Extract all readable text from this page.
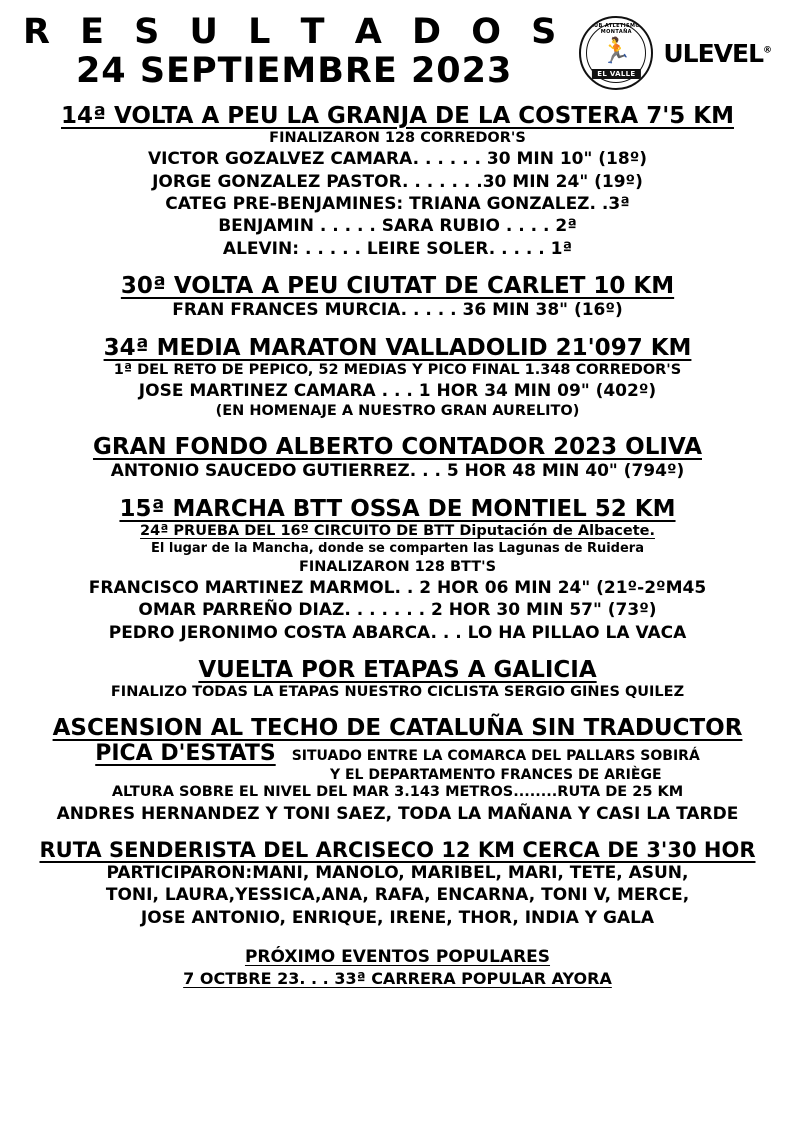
R E S U L T A D O S
24 SEPTIEMBRE 2023
CLUB ATLETISMO Y MONTAÑA
🏃
EL VALLE
ULEVEL®
14ª VOLTA A PEU LA GRANJA DE LA COSTERA 7'5 KM
FINALIZARON 128 CORREDOR'S
VICTOR GOZALVEZ CAMARA. . . . . . 30 MIN 10" (18º)
JORGE GONZALEZ PASTOR. . . . . . .30 MIN 24" (19º)
CATEG PRE-BENJAMINES: TRIANA GONZALEZ. .3ª
BENJAMIN . . . . . SARA RUBIO . . . . 2ª
ALEVIN: . . . . . LEIRE SOLER. . . . . 1ª
30ª VOLTA A PEU CIUTAT DE CARLET 10 KM
FRAN FRANCES MURCIA. . . . . 36 MIN 38" (16º)
34ª MEDIA MARATON VALLADOLID 21'097 KM
1ª DEL RETO DE PEPICO, 52 MEDIAS Y PICO FINAL 1.348 CORREDOR'S
JOSE MARTINEZ CAMARA . . . 1 HOR 34 MIN 09" (402º)
(EN HOMENAJE A NUESTRO GRAN AURELITO)
GRAN FONDO ALBERTO CONTADOR 2023 OLIVA
ANTONIO SAUCEDO GUTIERREZ. . . 5 HOR 48 MIN 40" (794º)
15ª MARCHA BTT OSSA DE MONTIEL 52 KM
24ª PRUEBA DEL 16º CIRCUITO DE BTT Diputación de Albacete.
El lugar de la Mancha, donde se comparten las Lagunas de Ruidera
FINALIZARON 128 BTT'S
FRANCISCO MARTINEZ MARMOL. . 2 HOR 06 MIN 24" (21º-2ºM45
OMAR PARREÑO DIAZ. . . . . . . 2 HOR 30 MIN 57" (73º)
PEDRO JERONIMO COSTA ABARCA. . . LO HA PILLAO LA VACA
VUELTA POR ETAPAS A GALICIA
FINALIZO TODAS LA ETAPAS NUESTRO CICLISTA SERGIO GINES QUILEZ
ASCENSION AL TECHO DE CATALUÑA SIN TRADUCTOR
PICA D'ESTATS SITUADO ENTRE LA COMARCA DEL PALLARS SOBIRÁ
Y EL DEPARTAMENTO FRANCES DE ARIÈGE
ALTURA SOBRE EL NIVEL DEL MAR 3.143 METROS........RUTA DE 25 KM
ANDRES HERNANDEZ Y TONI SAEZ, TODA LA MAÑANA Y CASI LA TARDE
RUTA SENDERISTA DEL ARCISECO 12 KM CERCA DE 3'30 HOR
PARTICIPARON:MANI, MANOLO, MARIBEL, MARI, TETE, ASUN,
TONI, LAURA,YESSICA,ANA, RAFA, ENCARNA, TONI V, MERCE,
JOSE ANTONIO, ENRIQUE, IRENE, THOR, INDIA Y GALA
PRÓXIMO EVENTOS POPULARES
7 OCTBRE 23. . . 33ª CARRERA POPULAR AYORA
